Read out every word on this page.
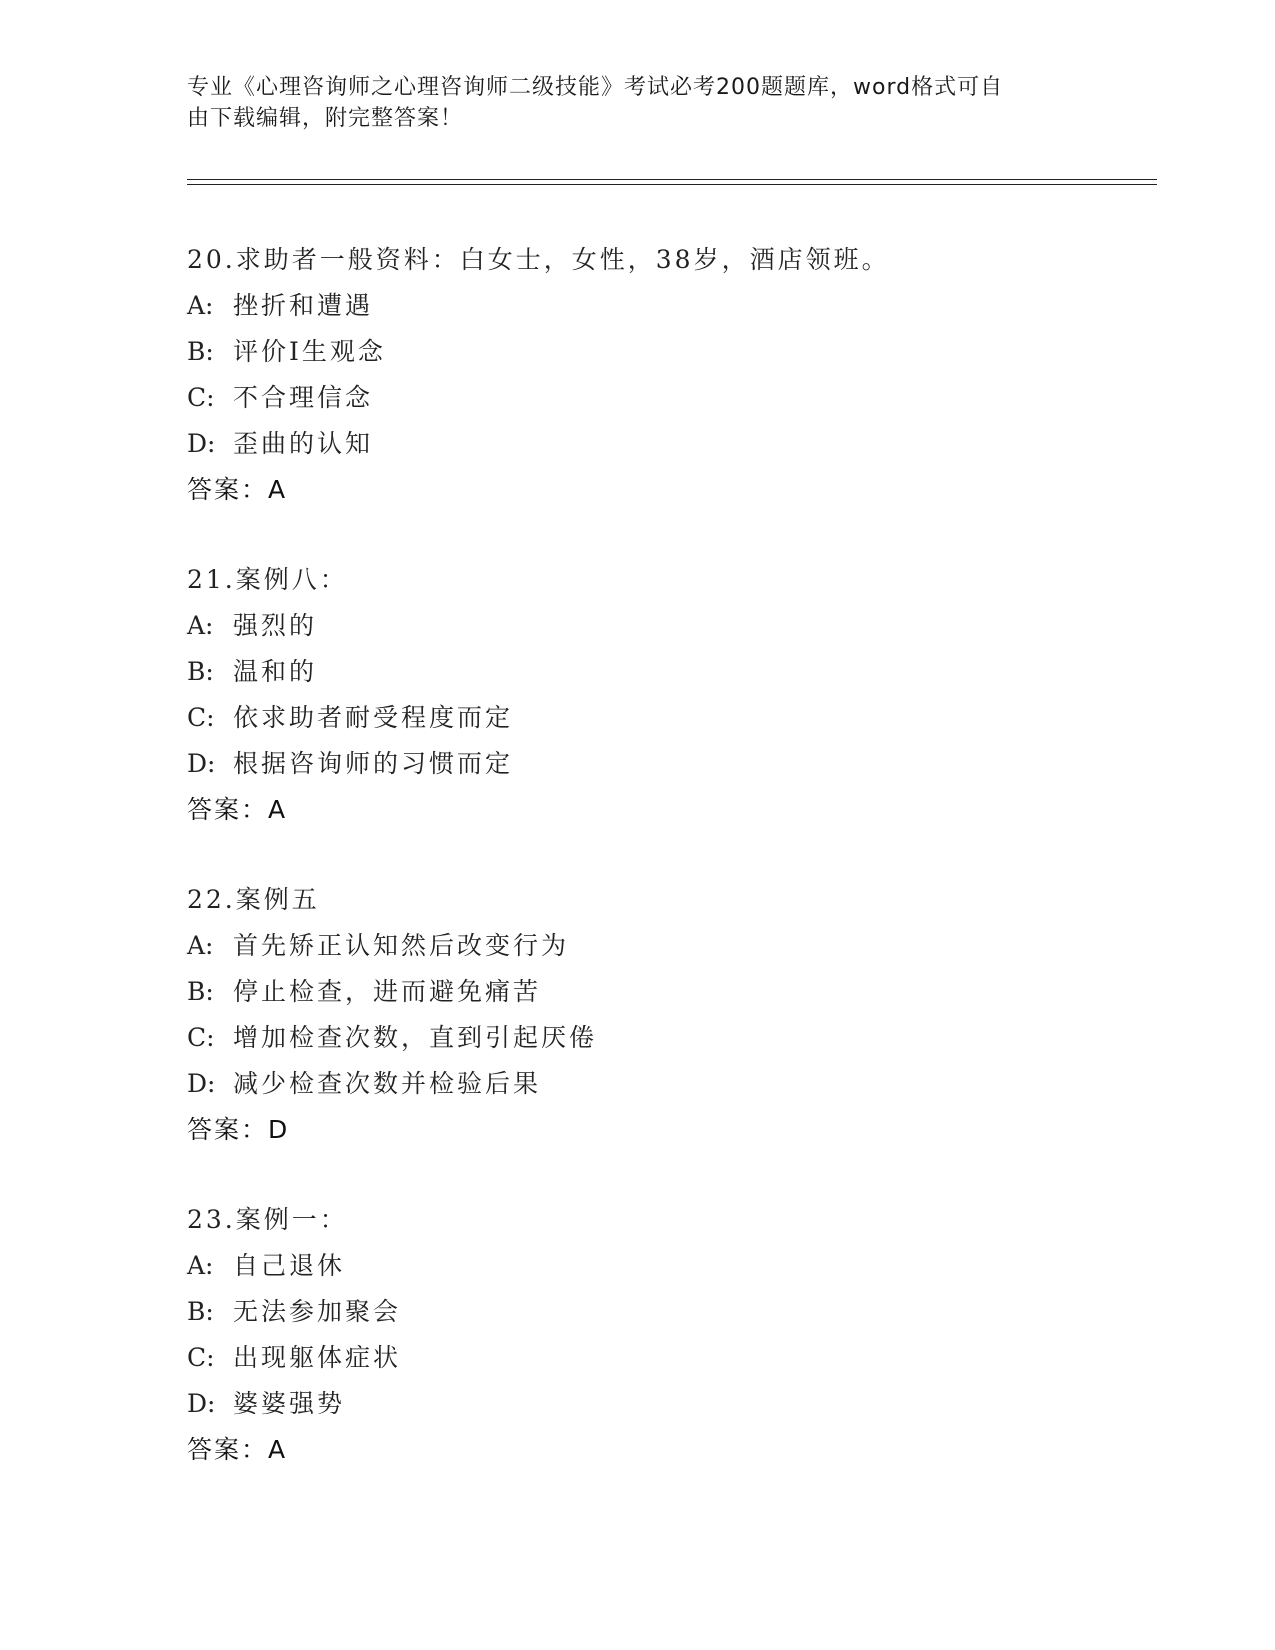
专业《心理咨询师之心理咨询师二级技能》考试必考200题题库，word格式可自
由下载编辑，附完整答案！
20.求助者一般资料：白女士，女性，38岁，酒店领班。
A: 挫折和遭遇
B: 评价Ⅰ生观念
C: 不合理信念
D: 歪曲的认知
答案：A
21.案例八：
A: 强烈的
B: 温和的
C: 依求助者耐受程度而定
D: 根据咨询师的习惯而定
答案：A
22.案例五
A: 首先矫正认知然后改变行为
B: 停止检查，进而避免痛苦
C: 增加检查次数，直到引起厌倦
D: 减少检查次数并检验后果
答案：D
23.案例一：
A: 自己退休
B: 无法参加聚会
C: 出现躯体症状
D: 婆婆强势
答案：A
